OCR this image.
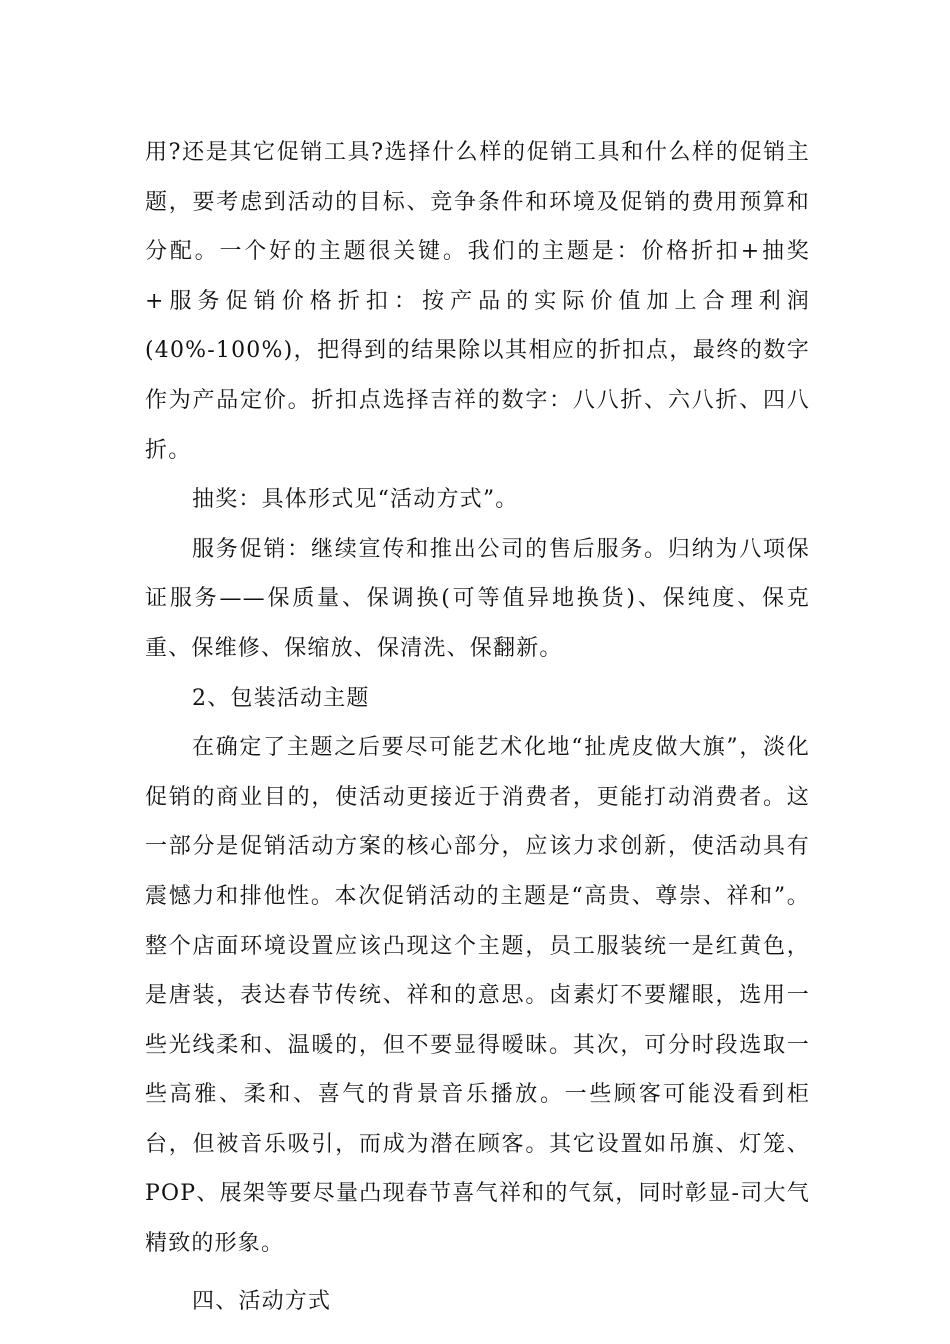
用?还是其它促销工具?选择什么样的促销工具和什么样的促销主题，要考虑到活动的目标、竞争条件和环境及促销的费用预算和分配。一个好的主题很关键。我们的主题是：价格折扣+抽奖+服务促销价格折扣：按产品的实际价值加上合理利润(40%-100%)，把得到的结果除以其相应的折扣点，最终的数字作为产品定价。折扣点选择吉祥的数字：八八折、六八折、四八折。

抽奖：具体形式见“活动方式”。

服务促销：继续宣传和推出公司的售后服务。归纳为八项保证服务——保质量、保调换(可等值异地换货)、保纯度、保克重、保维修、保缩放、保清洗、保翻新。

2、包装活动主题

在确定了主题之后要尽可能艺术化地“扯虎皮做大旗”，淡化促销的商业目的，使活动更接近于消费者，更能打动消费者。这一部分是促销活动方案的核心部分，应该力求创新，使活动具有震憾力和排他性。本次促销活动的主题是“高贵、尊崇、祥和”。整个店面环境设置应该凸现这个主题，员工服装统一是红黄色，是唐装，表达春节传统、祥和的意思。卤素灯不要耀眼，选用一些光线柔和、温暖的，但不要显得暧昧。其次，可分时段选取一些高雅、柔和、喜气的背景音乐播放。一些顾客可能没看到柜台，但被音乐吸引，而成为潜在顾客。其它设置如吊旗、灯笼、POP、展架等要尽量凸现春节喜气祥和的气氛，同时彰显-司大气精致的形象。

四、活动方式
